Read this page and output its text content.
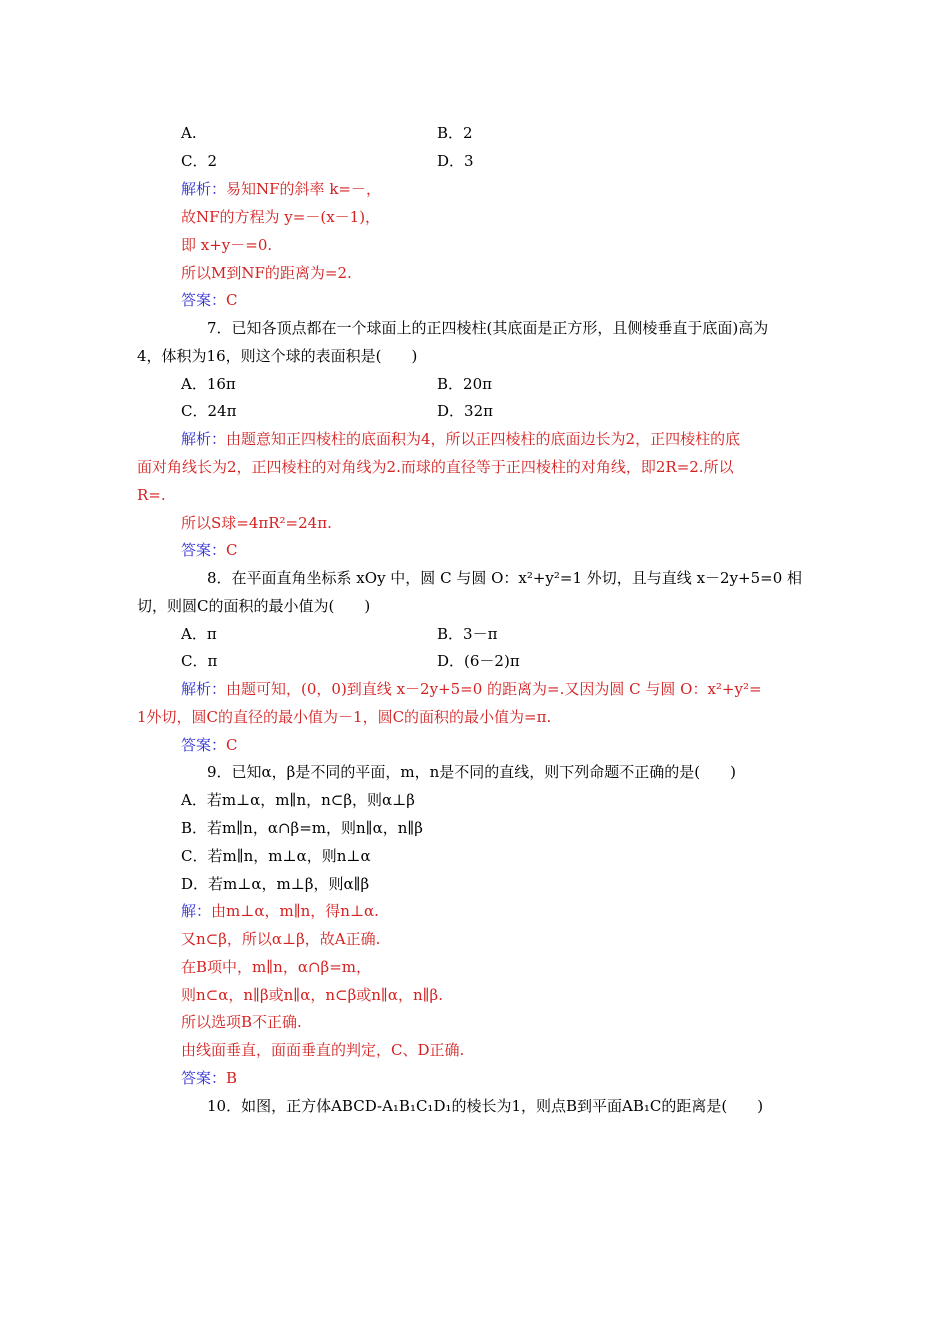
A.	B．2
C．2	D．3
解析：易知NF的斜率 k=－，
故NF的方程为 y=－(x－1)，
即 x+y－=0.
所以M到NF的距离为=2.
答案：C
7．已知各顶点都在一个球面上的正四棱柱(其底面是正方形，且侧棱垂直于底面)高为
4，体积为16，则这个球的表面积是(　　)
A．16π	B．20π
C．24π	D．32π
解析：由题意知正四棱柱的底面积为4，所以正四棱柱的底面边长为2，正四棱柱的底
面对角线长为2，正四棱柱的对角线为2.而球的直径等于正四棱柱的对角线，即2R=2.所以
R=.
所以S球=4πR²=24π.
答案：C
8．在平面直角坐标系 xOy 中，圆 C 与圆 O：x²+y²=1 外切，且与直线 x－2y+5=0 相
切，则圆C的面积的最小值为(　　)
A．π	B．3－π
C．π	D．(6－2)π
解析：由题可知，(0，0)到直线 x－2y+5=0 的距离为=.又因为圆 C 与圆 O：x²+y²=
1外切，圆C的直径的最小值为－1，圆C的面积的最小值为=π.
答案：C
9．已知α，β是不同的平面，m，n是不同的直线，则下列命题不正确的是(　　)
A．若m⊥α，m∥n，n⊂β，则α⊥β
B．若m∥n，α∩β=m，则n∥α，n∥β
C．若m∥n，m⊥α，则n⊥α
D．若m⊥α，m⊥β，则α∥β
解：由m⊥α，m∥n，得n⊥α.
又n⊂β，所以α⊥β，故A正确.
在B项中，m∥n，α∩β=m，
则n⊂α，n∥β或n∥α，n⊂β或n∥α，n∥β.
所以选项B不正确.
由线面垂直，面面垂直的判定，C、D正确.
答案：B
10．如图，正方体ABCD-A₁B₁C₁D₁的棱长为1，则点B到平面AB₁C的距离是(　　)
